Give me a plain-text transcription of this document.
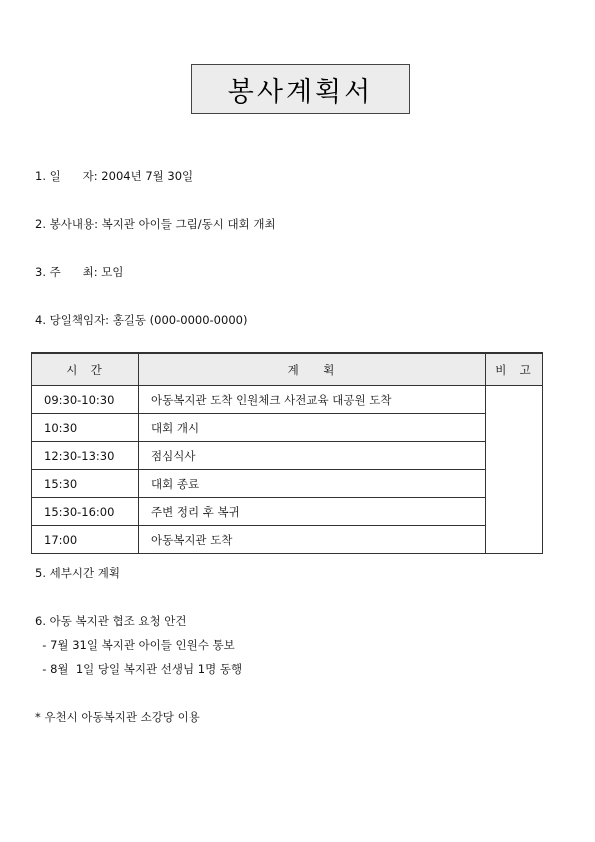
봉사계획서
1. 일      자: 2004년 7월 30일
2. 봉사내용: 복지관 아이들 그림/동시 대회 개최
3. 주      최: 모임
4. 당일책임자: 홍길동 (000-0000-0000)
시  간	계    획	비  고
09:30-10:30	아동복지관 도착 인원체크 사전교육 대공원 도착	
10:30	대회 개시	
12:30-13:30	점심식사	
15:30	대회 종료	
15:30-16:00	주변 정리 후 복귀	
17:00	아동복지관 도착	
5. 세부시간 계획
6. 아동 복지관 협조 요청 안건
- 7월 31일 복지관 아이들 인원수 통보
- 8월  1일 당일 복지관 선생님 1명 동행
* 우천시 아동복지관 소강당 이용
